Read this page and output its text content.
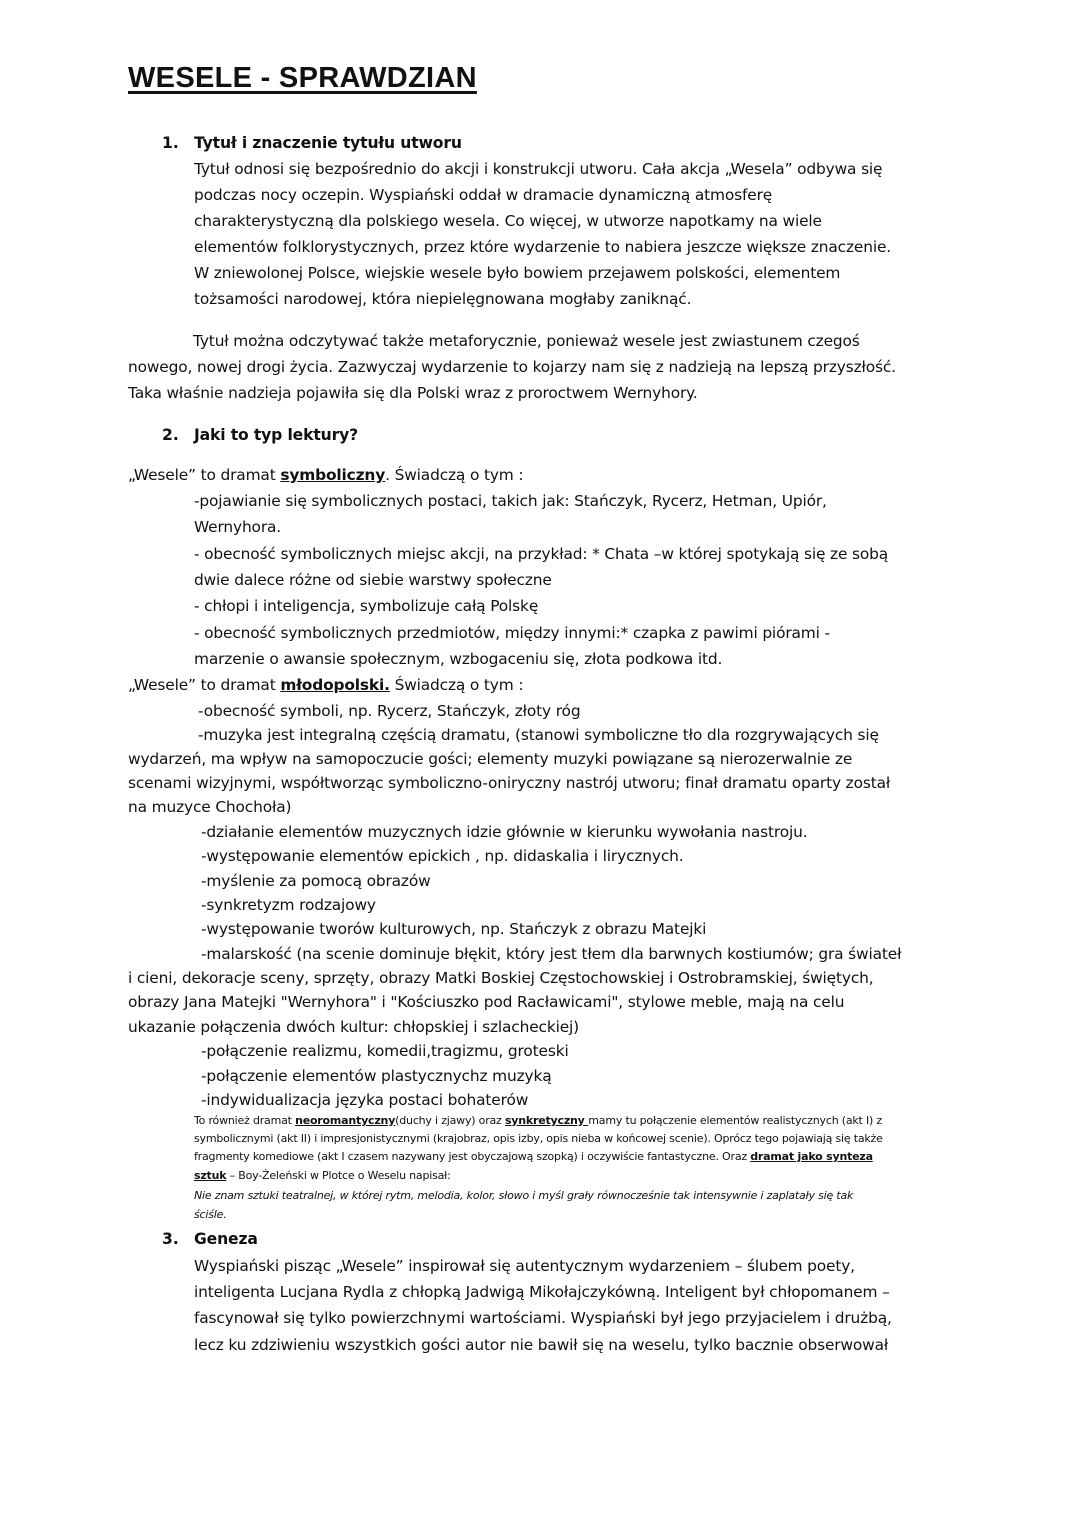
WESELE - SPRAWDZIAN
1. Tytuł i znaczenie tytułu utworu
Tytuł odnosi się bezpośrednio do akcji i konstrukcji utworu. Cała akcja „Wesela” odbywa się
podczas nocy oczepin. Wyspiański oddał w dramacie dynamiczną atmosferę
charakterystyczną dla polskiego wesela. Co więcej, w utworze napotkamy na wiele
elementów folklorystycznych, przez które wydarzenie to nabiera jeszcze większe znaczenie.
W zniewolonej Polsce, wiejskie wesele było bowiem przejawem polskości, elementem
tożsamości narodowej, która niepielęgnowana mogłaby zaniknąć.
Tytuł można odczytywać także metaforycznie, ponieważ wesele jest zwiastunem czegoś
nowego, nowej drogi życia. Zazwyczaj wydarzenie to kojarzy nam się z nadzieją na lepszą przyszłość.
Taka właśnie nadzieja pojawiła się dla Polski wraz z proroctwem Wernyhory.
2. Jaki to typ lektury?
„Wesele” to dramat symboliczny. Świadczą o tym :
-pojawianie się symbolicznych postaci, takich jak: Stańczyk, Rycerz, Hetman, Upiór,
Wernyhora.
- obecność symbolicznych miejsc akcji, na przykład: * Chata –w której spotykają się ze sobą
dwie dalece różne od siebie warstwy społeczne
- chłopi i inteligencja, symbolizuje całą Polskę
- obecność symbolicznych przedmiotów, między innymi:* czapka z pawimi piórami -
marzenie o awansie społecznym, wzbogaceniu się, złota podkowa itd.
„Wesele” to dramat młodopolski. Świadczą o tym :
-obecność symboli, np. Rycerz, Stańczyk, złoty róg
-muzyka jest integralną częścią dramatu, (stanowi symboliczne tło dla rozgrywających się
wydarzeń, ma wpływ na samopoczucie gości; elementy muzyki powiązane są nierozerwalnie ze
scenami wizyjnymi, współtworząc symboliczno-oniryczny nastrój utworu; finał dramatu oparty został
na muzyce Chochoła)
-działanie elementów muzycznych idzie głównie w kierunku wywołania nastroju.
-występowanie elementów epickich , np. didaskalia i lirycznych.
-myślenie za pomocą obrazów
-synkretyzm rodzajowy
-występowanie tworów kulturowych, np. Stańczyk z obrazu Matejki
-malarskość (na scenie dominuje błękit, który jest tłem dla barwnych kostiumów; gra świateł
i cieni, dekoracje sceny, sprzęty, obrazy Matki Boskiej Częstochowskiej i Ostrobramskiej, świętych,
obrazy Jana Matejki "Wernyhora" i "Kościuszko pod Racławicami", stylowe meble, mają na celu
ukazanie połączenia dwóch kultur: chłopskiej i szlacheckiej)
-połączenie realizmu, komedii,tragizmu, groteski
-połączenie elementów plastycznychz muzyką
-indywidualizacja języka postaci bohaterów
To również dramat neoromantyczny(duchy i zjawy) oraz synkretyczny mamy tu połączenie elementów realistycznych (akt I) z
symbolicznymi (akt II) i impresjonistycznymi (krajobraz, opis izby, opis nieba w końcowej scenie). Oprócz tego pojawiają się także
fragmenty komediowe (akt I czasem nazywany jest obyczajową szopką) i oczywiście fantastyczne. Oraz dramat jako synteza
sztuk – Boy-Żeleński w Plotce o Weselu napisał:
Nie znam sztuki teatralnej, w której rytm, melodia, kolor, słowo i myśl grały równocześnie tak intensywnie i zaplatały się tak
ściśle.
3. Geneza
Wyspiański pisząc „Wesele” inspirował się autentycznym wydarzeniem – ślubem poety,
inteligenta Lucjana Rydla z chłopką Jadwigą Mikołajczykówną. Inteligent był chłopomanem –
fascynował się tylko powierzchnymi wartościami. Wyspiański był jego przyjacielem i drużbą,
lecz ku zdziwieniu wszystkich gości autor nie bawił się na weselu, tylko bacznie obserwował
